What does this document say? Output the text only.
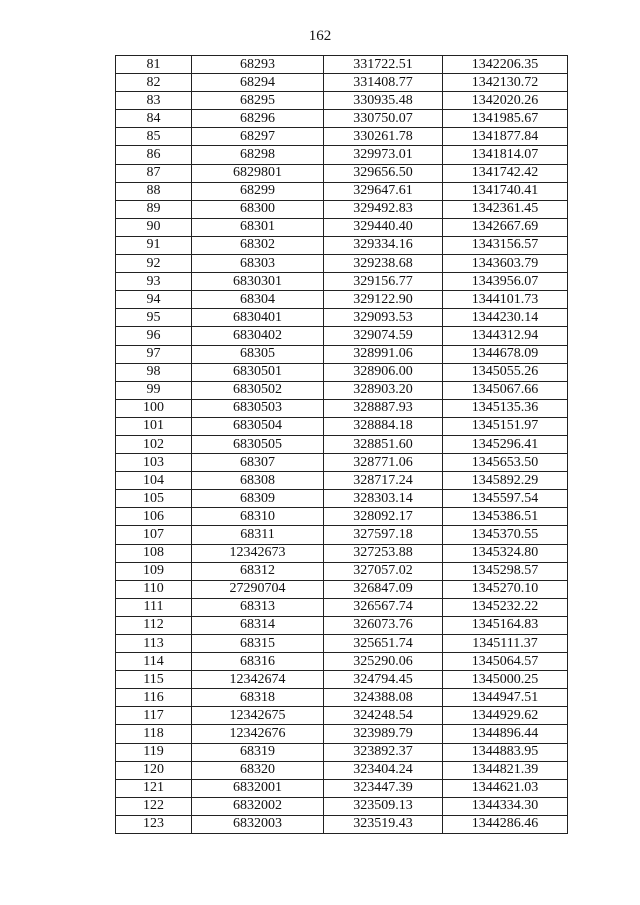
162
81	68293	331722.51	1342206.35
82	68294	331408.77	1342130.72
83	68295	330935.48	1342020.26
84	68296	330750.07	1341985.67
85	68297	330261.78	1341877.84
86	68298	329973.01	1341814.07
87	6829801	329656.50	1341742.42
88	68299	329647.61	1341740.41
89	68300	329492.83	1342361.45
90	68301	329440.40	1342667.69
91	68302	329334.16	1343156.57
92	68303	329238.68	1343603.79
93	6830301	329156.77	1343956.07
94	68304	329122.90	1344101.73
95	6830401	329093.53	1344230.14
96	6830402	329074.59	1344312.94
97	68305	328991.06	1344678.09
98	6830501	328906.00	1345055.26
99	6830502	328903.20	1345067.66
100	6830503	328887.93	1345135.36
101	6830504	328884.18	1345151.97
102	6830505	328851.60	1345296.41
103	68307	328771.06	1345653.50
104	68308	328717.24	1345892.29
105	68309	328303.14	1345597.54
106	68310	328092.17	1345386.51
107	68311	327597.18	1345370.55
108	12342673	327253.88	1345324.80
109	68312	327057.02	1345298.57
110	27290704	326847.09	1345270.10
111	68313	326567.74	1345232.22
112	68314	326073.76	1345164.83
113	68315	325651.74	1345111.37
114	68316	325290.06	1345064.57
115	12342674	324794.45	1345000.25
116	68318	324388.08	1344947.51
117	12342675	324248.54	1344929.62
118	12342676	323989.79	1344896.44
119	68319	323892.37	1344883.95
120	68320	323404.24	1344821.39
121	6832001	323447.39	1344621.03
122	6832002	323509.13	1344334.30
123	6832003	323519.43	1344286.46
